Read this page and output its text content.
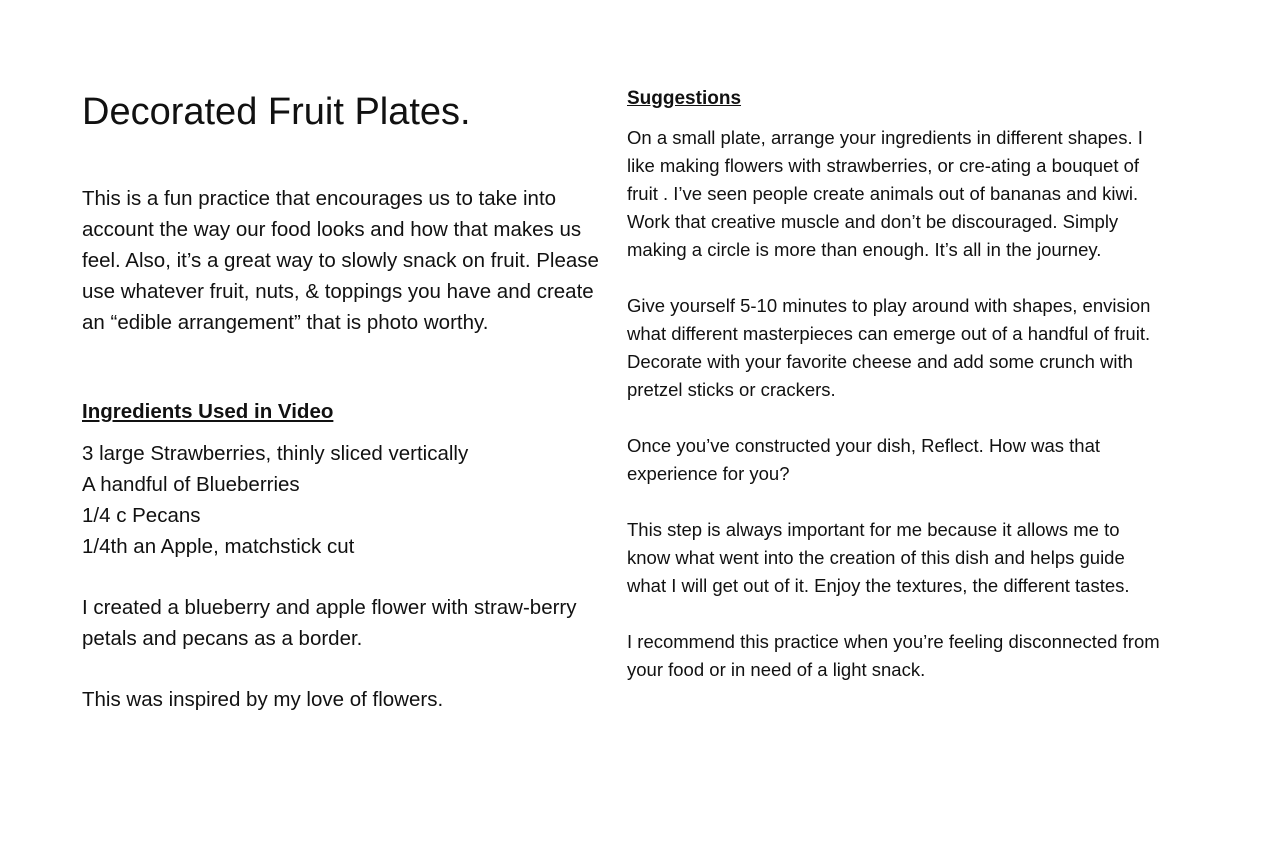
Decorated Fruit Plates.
This is a fun practice that encourages us to take into account the way our food looks and how that makes us feel. Also, it’s a great way to slowly snack on fruit. Please use whatever fruit, nuts, & toppings you have and create an “edible arrangement” that is photo worthy.
Ingredients Used in Video
3 large Strawberries, thinly sliced vertically
A handful of Blueberries
1/4 c Pecans
1/4th an Apple, matchstick cut
I created a blueberry and apple flower with straw-berry petals and pecans as a border.
This was inspired by my love of flowers.
Suggestions

On a small plate, arrange your ingredients in different shapes. I like making flowers with strawberries, or cre-ating a bouquet of fruit . I’ve seen people create animals out of bananas and kiwi. Work that creative muscle and don’t be discouraged. Simply making a circle is more than enough. It’s all in the journey.

Give yourself 5-10 minutes to play around with shapes, envision what different masterpieces can emerge out of a handful of fruit. Decorate with your favorite cheese and add some crunch with pretzel sticks or crackers.

Once you’ve constructed your dish, Reflect. How was that experience for you?

This step is always important for me because it allows me to know what went into the creation of this dish and helps guide what I will get out of it. Enjoy the textures, the different tastes.

I recommend this practice when you’re feeling disconnected from your food or in need of a light snack.
